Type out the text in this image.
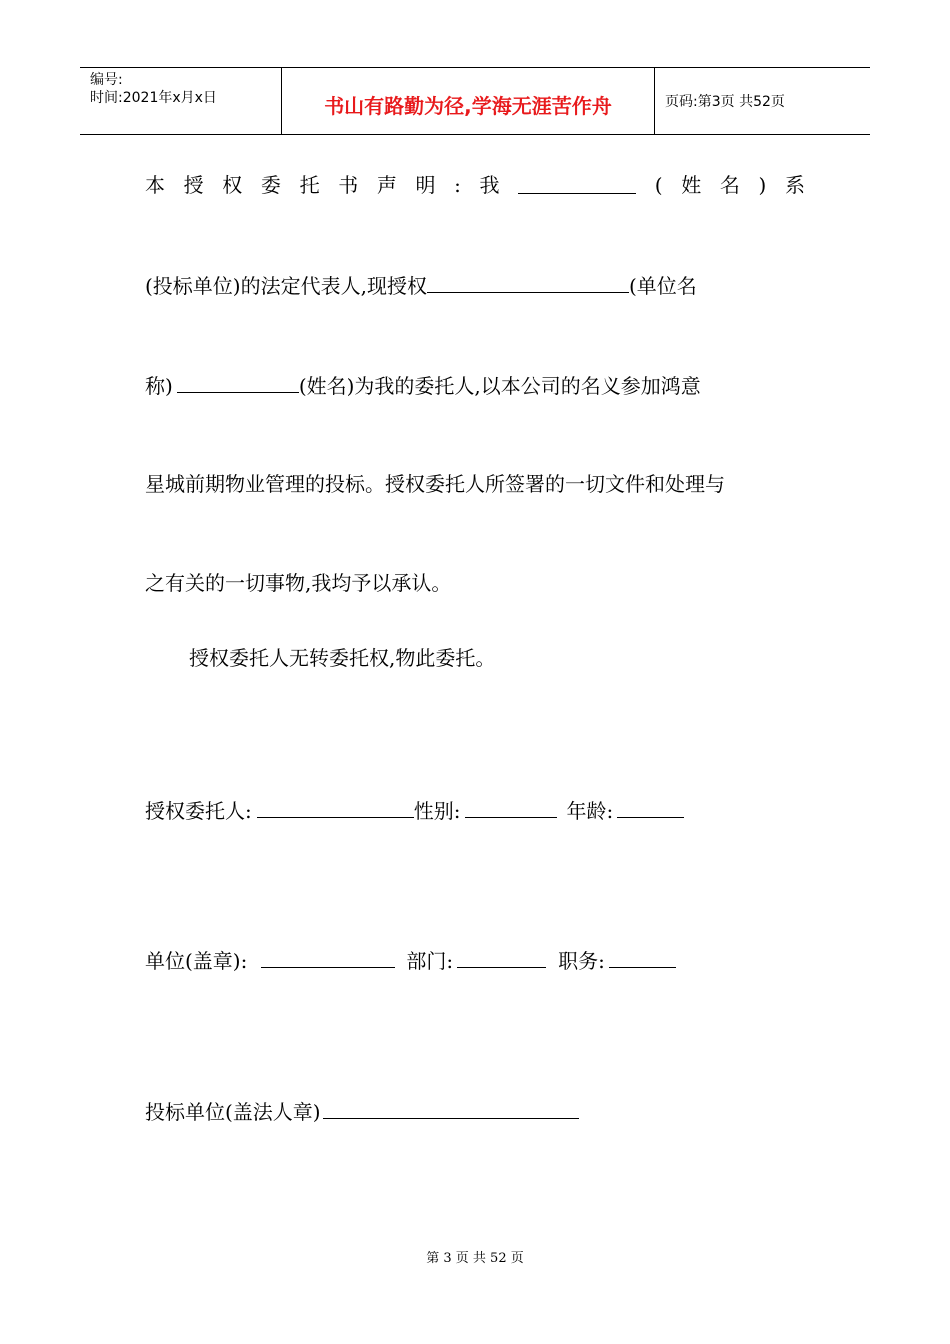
编号:
时间:2021年x月x日	书山有路勤为径,学海无涯苦作舟	页码:第3页 共52页
本 授 权 委 托 书 声 明 : 我	( 姓 名 ) 系
(投标单位)的法定代表人,现授权	(单位名
称)	(姓名)为我的委托人,以本公司的名义参加鸿意
星城前期物业管理的投标。授权委托人所签署的一切文件和处理与
之有关的一切事物,我均予以承认。
授权委托人无转委托权,物此委托。
授权委托人:	性别:	年龄:
单位(盖章):	部门:	职务:
投标单位(盖法人章)
第 3 页 共 52 页
